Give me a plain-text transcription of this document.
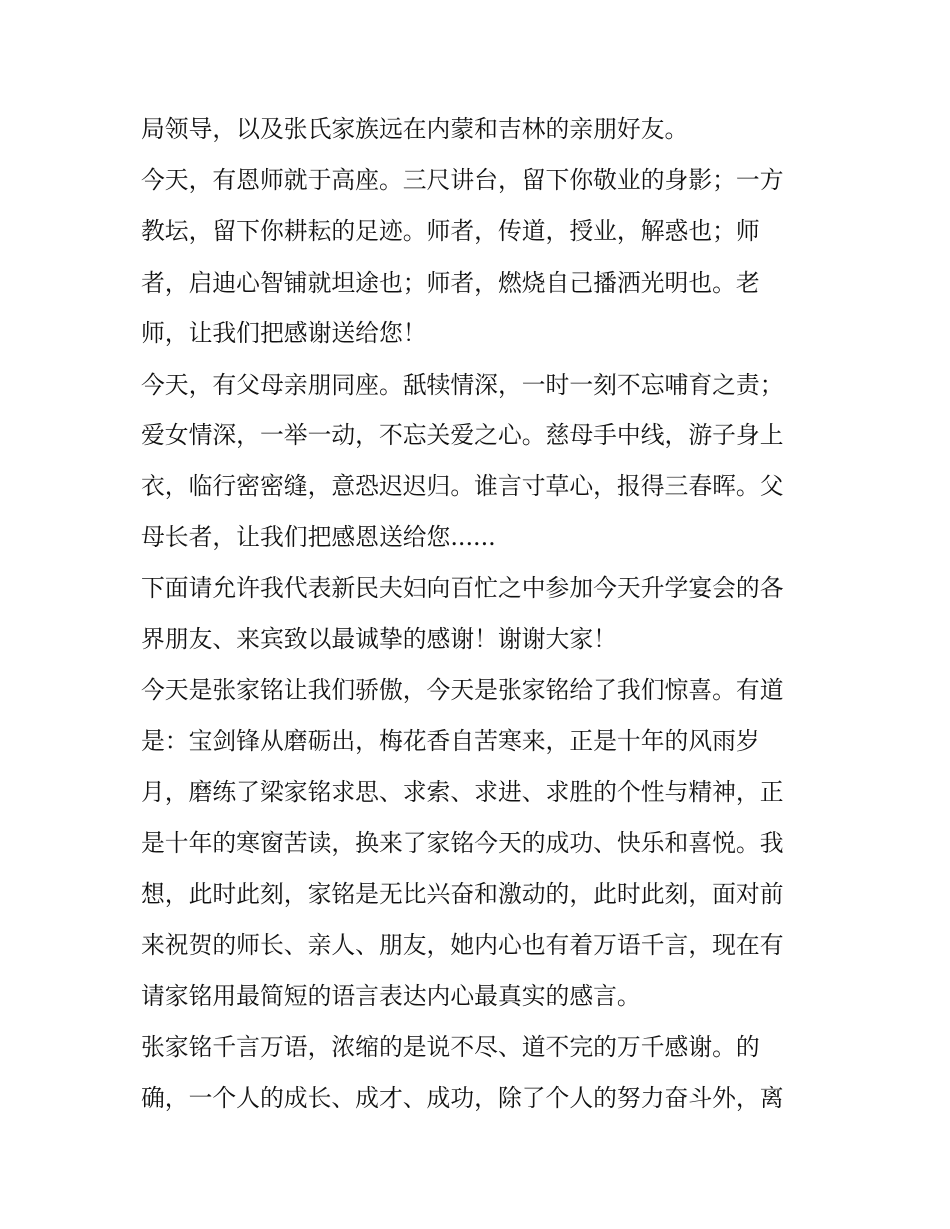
局领导，以及张氏家族远在内蒙和吉林的亲朋好友。
今天，有恩师就于高座。三尺讲台，留下你敬业的身影；一方
教坛，留下你耕耘的足迹。师者，传道，授业，解惑也；师
者，启迪心智铺就坦途也；师者，燃烧自己播洒光明也。老
师，让我们把感谢送给您！
今天，有父母亲朋同座。舐犊情深，一时一刻不忘哺育之责；
爱女情深，一举一动，不忘关爱之心。慈母手中线，游子身上
衣，临行密密缝，意恐迟迟归。谁言寸草心，报得三春晖。父
母长者，让我们把感恩送给您......
下面请允许我代表新民夫妇向百忙之中参加今天升学宴会的各
界朋友、来宾致以最诚挚的感谢！谢谢大家！
今天是张家铭让我们骄傲，今天是张家铭给了我们惊喜。有道
是：宝剑锋从磨砺出，梅花香自苦寒来，正是十年的风雨岁
月，磨练了梁家铭求思、求索、求进、求胜的个性与精神，正
是十年的寒窗苦读，换来了家铭今天的成功、快乐和喜悦。我
想，此时此刻，家铭是无比兴奋和激动的，此时此刻，面对前
来祝贺的师长、亲人、朋友，她内心也有着万语千言，现在有
请家铭用最简短的语言表达内心最真实的感言。
张家铭千言万语，浓缩的是说不尽、道不完的万千感谢。的
确，一个人的成长、成才、成功，除了个人的努力奋斗外，离
